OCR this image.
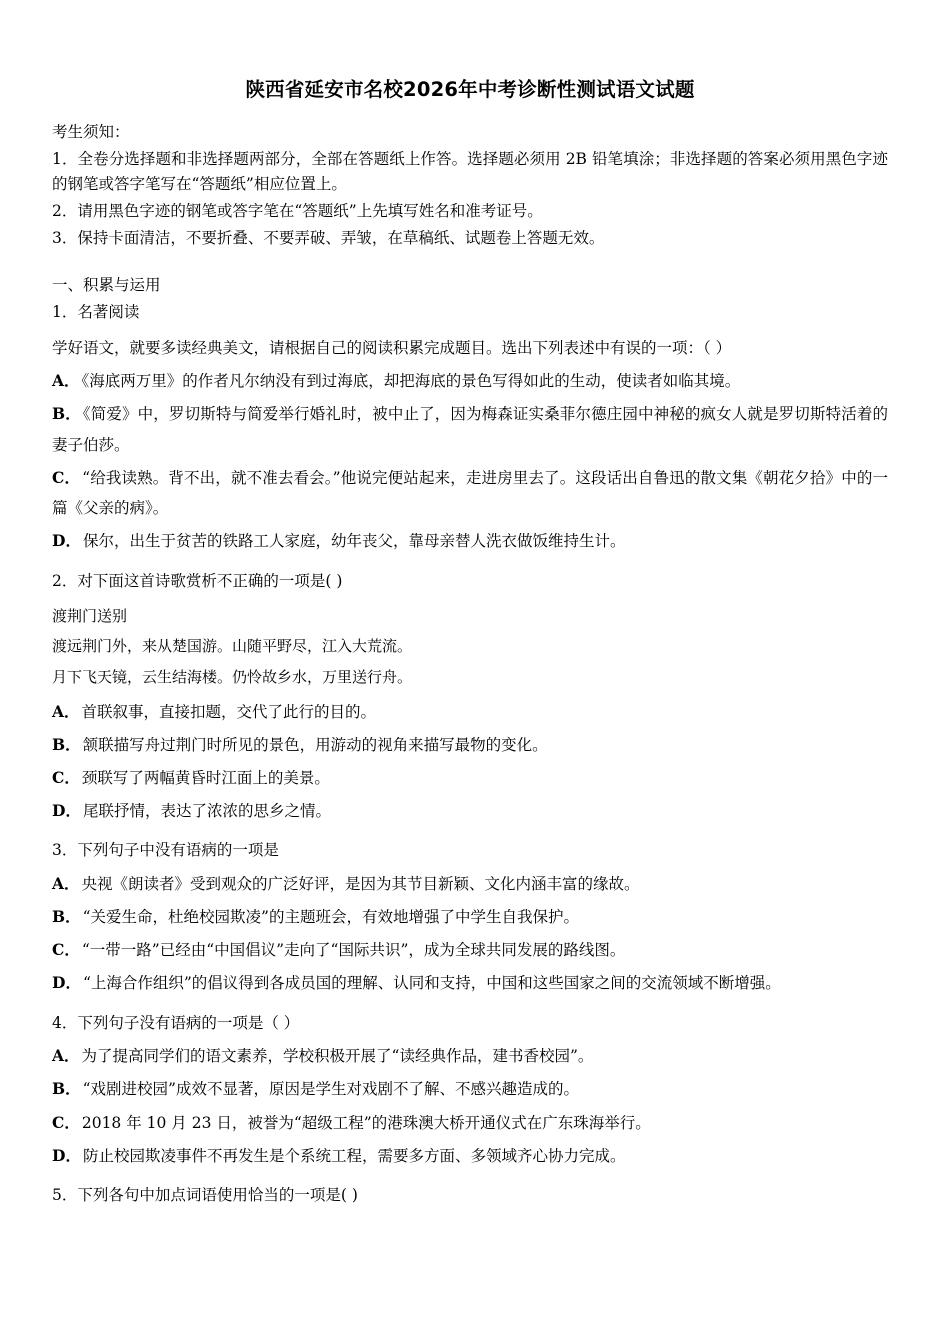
陕西省延安市名校2026年中考诊断性测试语文试题

考生须知：

1．全卷分选择题和非选择题两部分，全部在答题纸上作答。选择题必须用 2B 铅笔填涂；非选择题的答案必须用黑色字迹的钢笔或答字笔写在“答题纸”相应位置上。

2．请用黑色字迹的钢笔或答字笔在“答题纸”上先填写姓名和准考证号。

3．保持卡面清洁，不要折叠、不要弄破、弄皱，在草稿纸、试题卷上答题无效。

一、积累与运用

1．名著阅读

学好语文，就要多读经典美文，请根据自己的阅读积累完成题目。选出下列表述中有误的一项：（ ）

A． 《海底两万里》的作者凡尔纳没有到过海底，却把海底的景色写得如此的生动，使读者如临其境。

B． 《简爱》中，罗切斯特与简爱举行婚礼时，被中止了，因为梅森证实桑菲尔德庄园中神秘的疯女人就是罗切斯特活着的妻子伯莎。

C． “给我读熟。背不出，就不准去看会。”他说完便站起来，走进房里去了。这段话出自鲁迅的散文集《朝花夕拾》中的一篇《父亲的病》。

D． 保尔，出生于贫苦的铁路工人家庭，幼年丧父，靠母亲替人洗衣做饭维持生计。

2．对下面这首诗歌赏析不正确的一项是( )

渡荆门送别

渡远荆门外，来从楚国游。山随平野尽，江入大荒流。

月下飞天镜，云生结海楼。仍怜故乡水，万里送行舟。

A． 首联叙事，直接扣题，交代了此行的目的。

B． 颔联描写舟过荆门时所见的景色，用游动的视角来描写最物的变化。

C． 颈联写了两幅黄昏时江面上的美景。

D． 尾联抒情，表达了浓浓的思乡之情。

3．下列句子中没有语病的一项是

A． 央视《朗读者》受到观众的广泛好评，是因为其节目新颖、文化内涵丰富的缘故。

B． “关爱生命，杜绝校园欺凌”的主题班会，有效地增强了中学生自我保护。

C． “一带一路”已经由“中国倡议”走向了“国际共识”，成为全球共同发展的路线图。

D． “上海合作组织”的倡议得到各成员国的理解、认同和支持，中国和这些国家之间的交流领域不断增强。

4．下列句子没有语病的一项是（ ）

A． 为了提高同学们的语文素养，学校积极开展了“读经典作品，建书香校园”。

B． “戏剧进校园”成效不显著，原因是学生对戏剧不了解、不感兴趣造成的。

C． 2018 年 10 月 23 日，被誉为“超级工程”的港珠澳大桥开通仪式在广东珠海举行。

D． 防止校园欺凌事件不再发生是个系统工程，需要多方面、多领域齐心协力完成。

5．下列各句中加点词语使用恰当的一项是( )
